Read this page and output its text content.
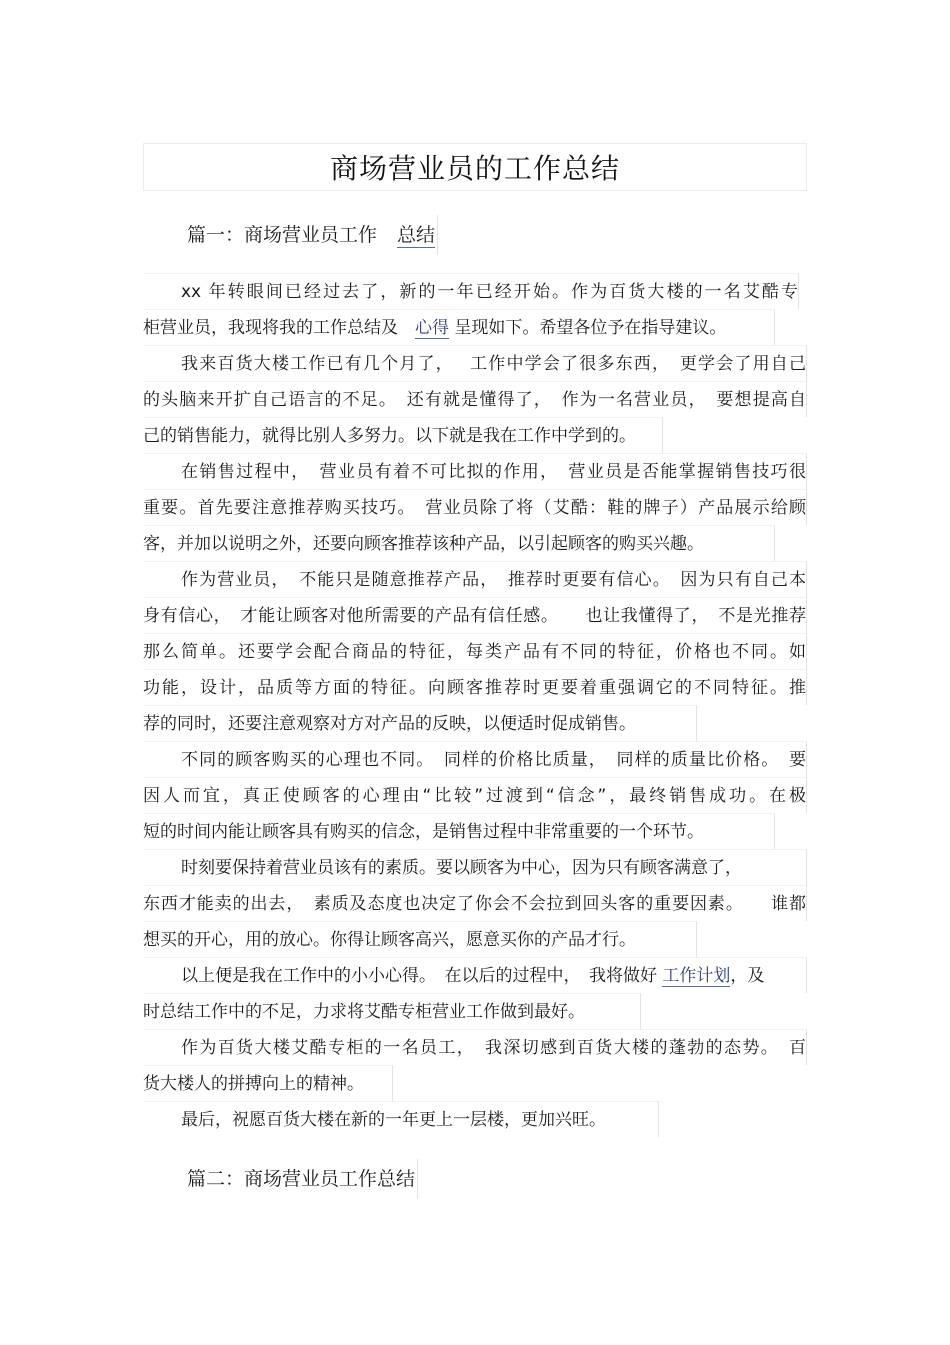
商场营业员的工作总结
篇一：商场营业员工作 总结
xx 年转眼间已经过去了，新的一年已经开始。作为百货大楼的一名艾酷专
柜营业员，我现将我的工作总结及　心得 呈现如下。希望各位予在指导建议。
我来百货大楼工作已有几个月了，　 工作中学会了很多东西，　更学会了用自己
的头脑来开扩自己语言的不足。　还有就是懂得了，　作为一名营业员，　要想提高自
己的销售能力，就得比别人多努力。以下就是我在工作中学到的。
在销售过程中，　营业员有着不可比拟的作用，　营业员是否能掌握销售技巧很
重要。首先要注意推荐购买技巧。　营业员除了将（艾酷：鞋的牌子）产品展示给顾
客，并加以说明之外，还要向顾客推荐该种产品，以引起顾客的购买兴趣。
作为营业员，　不能只是随意推荐产品，　推荐时更要有信心。　因为只有自己本
身有信心，　才能让顾客对他所需要的产品有信任感。　　也让我懂得了，　不是光推荐
那么简单。还要学会配合商品的特征，每类产品有不同的特征，价格也不同。如
功能，设计，品质等方面的特征。向顾客推荐时更要着重强调它的不同特征。推
荐的同时，还要注意观察对方对产品的反映，以便适时促成销售。
不同的顾客购买的心理也不同。　同样的价格比质量，　同样的质量比价格。　要
因人而宜，真正使顾客的心理由“比较”过渡到“信念”，最终销售成功。在极
短的时间内能让顾客具有购买的信念，是销售过程中非常重要的一个环节。
时刻要保持着营业员该有的素质。要以顾客为中心，因为只有顾客满意了，
东西才能卖的出去，　素质及态度也决定了你会不会拉到回头客的重要因素。　　谁都
想买的开心，用的放心。你得让顾客高兴，愿意买你的产品才行。
以上便是我在工作中的小小心得。　在以后的过程中，　我将做好 工作计划，及
时总结工作中的不足，力求将艾酷专柜营业工作做到最好。
作为百货大楼艾酷专柜的一名员工，　我深切感到百货大楼的蓬勃的态势。　百
货大楼人的拼搏向上的精神。
最后，祝愿百货大楼在新的一年更上一层楼，更加兴旺。
篇二：商场营业员工作总结
